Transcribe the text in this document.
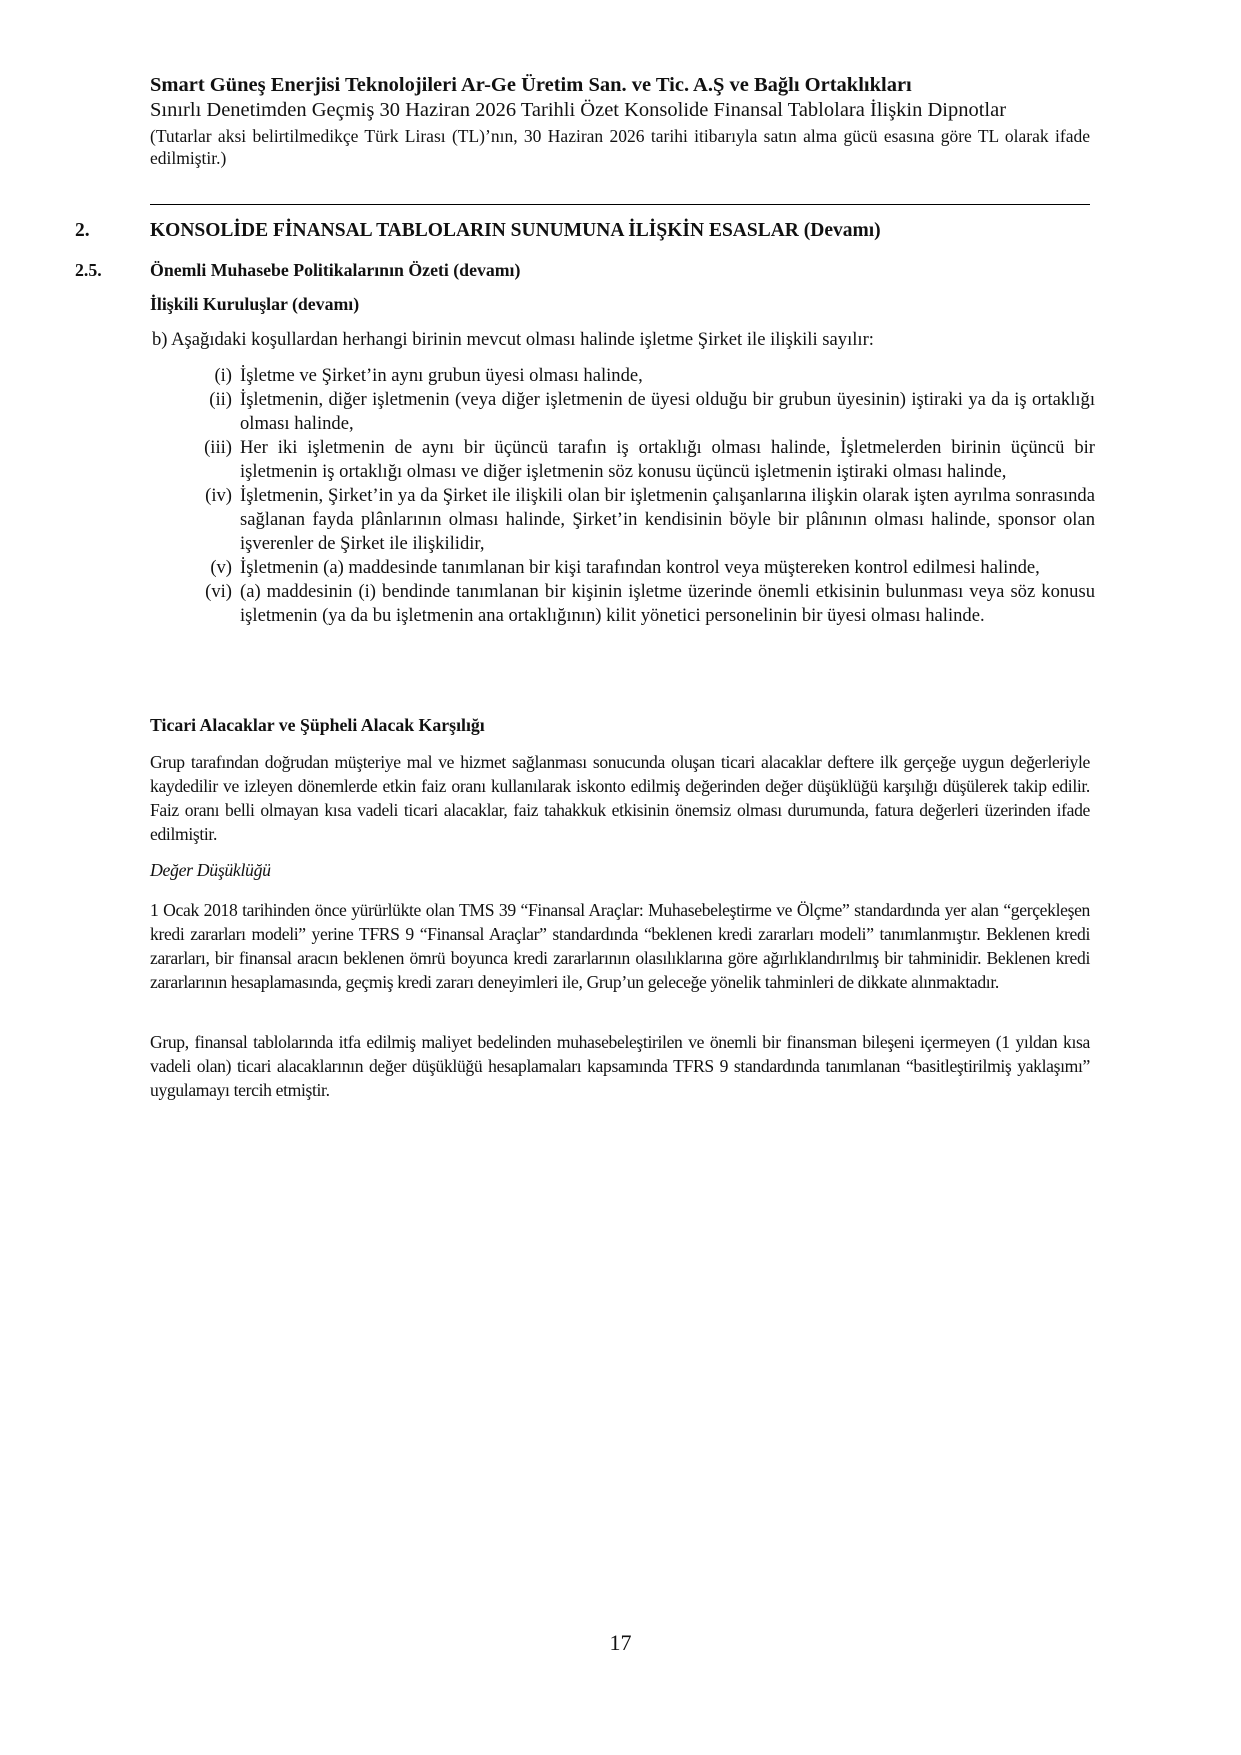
Smart Güneş Enerjisi Teknolojileri Ar-Ge Üretim San. ve Tic. A.Ş ve Bağlı Ortaklıkları
Sınırlı Denetimden Geçmiş 30 Haziran 2026 Tarihli Özet Konsolide Finansal Tablolara İlişkin Dipnotlar
(Tutarlar aksi belirtilmedikçe Türk Lirası (TL)’nın, 30 Haziran 2026 tarihi itibarıyla satın alma gücü esasına göre TL olarak ifade edilmiştir.)
2.	KONSOLİDE FİNANSAL TABLOLARIN SUNUMUNA İLİŞKİN ESASLAR (Devamı)
2.5.	Önemli Muhasebe Politikalarının Özeti (devamı)
İlişkili Kuruluşlar (devamı)
b) Aşağıdaki koşullardan herhangi birinin mevcut olması halinde işletme Şirket ile ilişkili sayılır:
(i) İşletme ve Şirket’in aynı grubun üyesi olması halinde,
(ii) İşletmenin, diğer işletmenin (veya diğer işletmenin de üyesi olduğu bir grubun üyesinin) iştiraki ya da iş ortaklığı olması halinde,
(iii) Her iki işletmenin de aynı bir üçüncü tarafın iş ortaklığı olması halinde, İşletmelerden birinin üçüncü bir işletmenin iş ortaklığı olması ve diğer işletmenin söz konusu üçüncü işletmenin iştiraki olması halinde,
(iv) İşletmenin, Şirket’in ya da Şirket ile ilişkili olan bir işletmenin çalışanlarına ilişkin olarak işten ayrılma sonrasında sağlanan fayda plânlarının olması halinde, Şirket’in kendisinin böyle bir plânının olması halinde, sponsor olan işverenler de Şirket ile ilişkilidir,
(v) İşletmenin (a) maddesinde tanımlanan bir kişi tarafından kontrol veya müştereken kontrol edilmesi halinde,
(vi) (a) maddesinin (i) bendinde tanımlanan bir kişinin işletme üzerinde önemli etkisinin bulunması veya söz konusu işletmenin (ya da bu işletmenin ana ortaklığının) kilit yönetici personelinin bir üyesi olması halinde.
Ticari Alacaklar ve Şüpheli Alacak Karşılığı
Grup tarafından doğrudan müşteriye mal ve hizmet sağlanması sonucunda oluşan ticari alacaklar deftere ilk gerçeğe uygun değerleriyle kaydedilir ve izleyen dönemlerde etkin faiz oranı kullanılarak iskonto edilmiş değerinden değer düşüklüğü karşılığı düşülerek takip edilir. Faiz oranı belli olmayan kısa vadeli ticari alacaklar, faiz tahakkuk etkisinin önemsiz olması durumunda, fatura değerleri üzerinden ifade edilmiştir.
Değer Düşüklüğü
1 Ocak 2018 tarihinden önce yürürlükte olan TMS 39 “Finansal Araçlar: Muhasebeleştirme ve Ölçme” standardında yer alan “gerçekleşen kredi zararları modeli” yerine TFRS 9 “Finansal Araçlar” standardında “beklenen kredi zararları modeli” tanımlanmıştır. Beklenen kredi zararları, bir finansal aracın beklenen ömrü boyunca kredi zararlarının olasılıklarına göre ağırlıklandırılmış bir tahminidir. Beklenen kredi zararlarının hesaplamasında, geçmiş kredi zararı deneyimleri ile, Grup’un geleceğe yönelik tahminleri de dikkate alınmaktadır.
Grup, finansal tablolarında itfa edilmiş maliyet bedelinden muhasebeleştirilen ve önemli bir finansman bileşeni içermeyen (1 yıldan kısa vadeli olan) ticari alacaklarının değer düşüklüğü hesaplamaları kapsamında TFRS 9 standardında tanımlanan “basitleştirilmiş yaklaşımı” uygulamayı tercih etmiştir.
17
